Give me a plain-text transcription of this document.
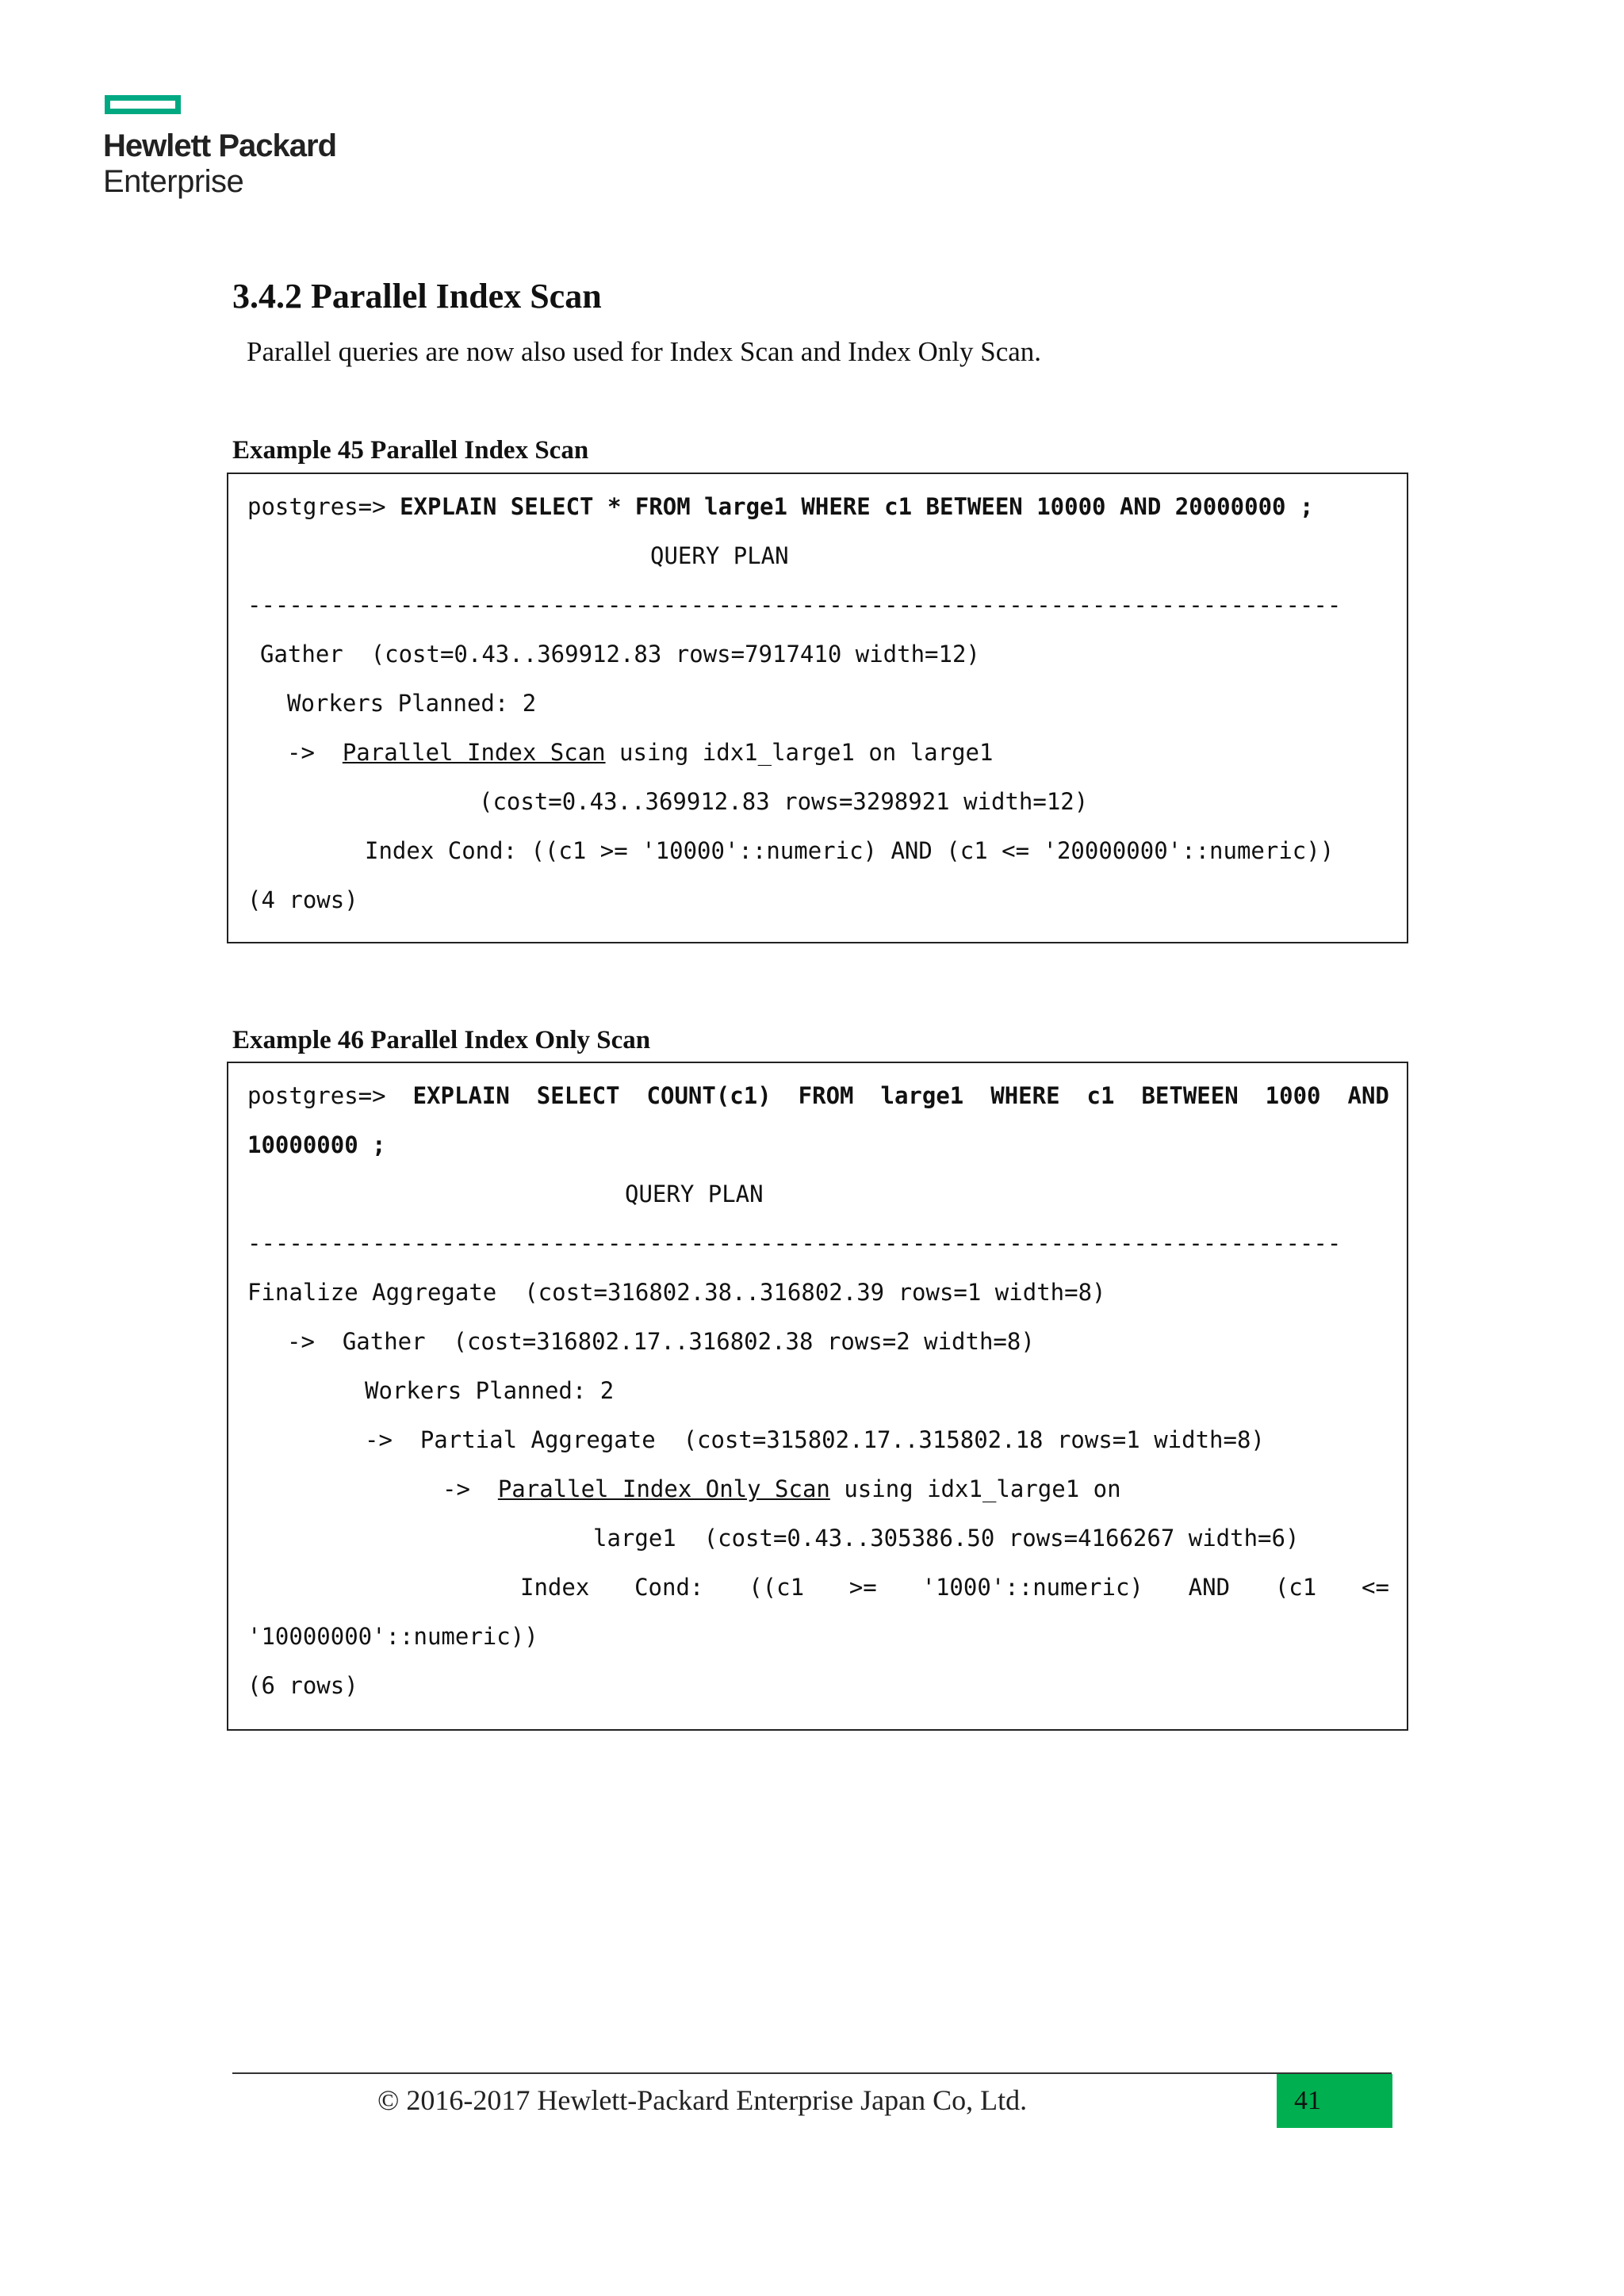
Hewlett Packard
Enterprise
3.4.2 Parallel Index Scan
Parallel queries are now also used for Index Scan and Index Only Scan.
Example 45 Parallel Index Scan
postgres=> EXPLAIN SELECT * FROM large1 WHERE c1 BETWEEN 10000 AND 20000000 ;
QUERY PLAN
-------------------------------------------------------------------------------
Gather  (cost=0.43..369912.83 rows=7917410 width=12)
Workers Planned: 2
-> Parallel Index Scan using idx1_large1 on large1
(cost=0.43..369912.83 rows=3298921 width=12)
Index Cond: ((c1 >= '10000'::numeric) AND (c1 <= '20000000'::numeric))
(4 rows)
Example 46 Parallel Index Only Scan
postgres=> EXPLAIN SELECT COUNT(c1) FROM large1 WHERE c1 BETWEEN 1000 AND
10000000 ;
QUERY PLAN
-------------------------------------------------------------------------------
Finalize Aggregate  (cost=316802.38..316802.39 rows=1 width=8)
->  Gather  (cost=316802.17..316802.38 rows=2 width=8)
Workers Planned: 2
->  Partial Aggregate  (cost=315802.17..315802.18 rows=1 width=8)
-> Parallel Index Only Scan using idx1_large1 on
large1  (cost=0.43..305386.50 rows=4166267 width=6)
Index Cond: ((c1 >= '1000'::numeric) AND (c1 <=
'10000000'::numeric))
(6 rows)
© 2016-2017 Hewlett-Packard Enterprise Japan Co, Ltd.	41
